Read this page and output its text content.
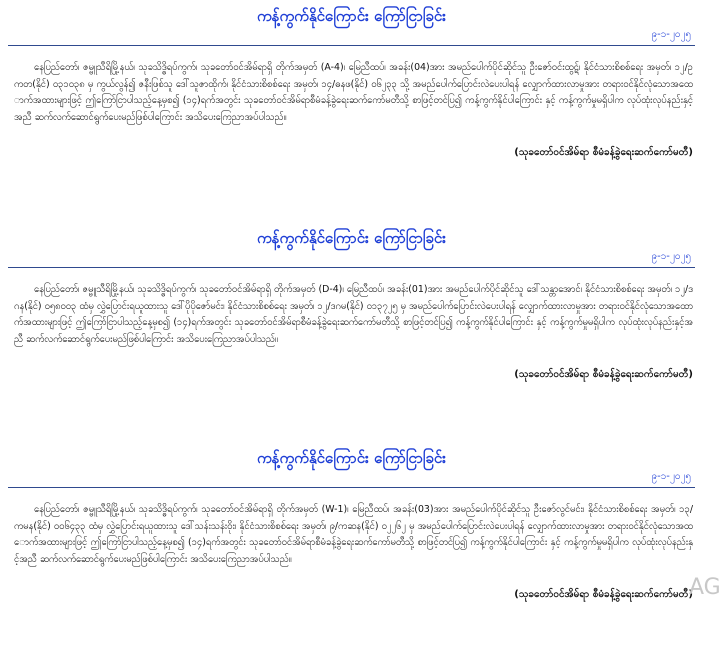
ကန့်ကွက်နိုင်ကြောင်း ကြော်ငြာခြင်း
၉-၁-၂၀၂၅

နေပြည်တော်၊ ဇမ္ဗူသီရိမြို့နယ်၊ သုခသိဒ္ဓိရပ်ကွက်၊ သုခတော်ဝင်အိမ်ရာရှိ တိုက်အမှတ် (A-4)၊ မြေညီထပ်၊ အခန်း(04)အား အမည်ပေါက်ပိုင်ဆိုင်သူ ဦးဇော်ဝင်းထွဋ်၊ နိုင်ငံသားစိစစ်ရေး အမှတ်၊ ၁၂/ဥကတ(နိုင်) ၀၃၁၀၃၈ မှ ကွယ်လွန်၍ ဇနီးဖြစ်သူ ဒေါ်သူဇာထိုက်၊ နိုင်ငံသားစိစစ်ရေး အမှတ်၊ ၁၄/ဓနဖ(နိုင်) ၀၆၂၃၃ သို့ အမည်ပေါက်ပြောင်းလဲပေးပါရန် လျှောက်ထားလာမှုအား တရားဝင်နိုင်လုံသောအထောက်အထားများဖြင့် ဤကြော်ငြာပါသည့်နေ့မှစ၍ (၁၄)ရက်အတွင်း သုခတော်ဝင်အိမ်ရာစီမံခန့်ခွဲရေးဆက်ကော်မတီသို့ စာဖြင့်တင်ပြ၍ ကန့်ကွက်နိုင်ပါကြောင်း နှင့် ကန့်ကွက်မှုမရှိပါက လုပ်ထုံးလုပ်နည်းနှင့်အညီ ဆက်လက်ဆောင်ရွက်ပေးမည်ဖြစ်ပါကြောင်း အသိပေးကြေညာအပ်ပါသည်။

(သုခတော်ဝင်အိမ်ရာ စီမံခန့်ခွဲရေးဆက်ကော်မတီ)
ကန့်ကွက်နိုင်ကြောင်း ကြော်ငြာခြင်း
၉-၁-၂၀၂၅

နေပြည်တော်၊ ဇမ္ဗူသီရိမြို့နယ်၊ သုခသိဒ္ဓိရပ်ကွက်၊ သုခတော်ဝင်အိမ်ရာရှိ တိုက်အမှတ် (D-4)၊ မြေညီထပ်၊ အခန်း(01)အား အမည်ပေါက်ပိုင်ဆိုင်သူ ဒေါ်သန္တာအောင်၊ နိုင်ငံသားစိစစ်ရေး အမှတ်၊ ၁၂/ဒဂန(နိုင်) ၀၅၈၀၀၃ ထံမှ လွှဲပြောင်းရယူထားသူ ဒေါ်ပိုပိုဇော်မင်း၊ နိုင်ငံသားစိစစ်ရေး အမှတ်၊ ၁၂/ဒဂမ(နိုင်) ၀၁၃၇၂၅ မှ အမည်ပေါက်ပြောင်းလဲပေးပါရန် လျှောက်ထားလာမှုအား တရားဝင်နိုင်လုံသောအထောက်အထားများဖြင့် ဤကြော်ငြာပါသည့်နေ့မှစ၍ (၁၄)ရက်အတွင်း သုခတော်ဝင်အိမ်ရာစီမံခန့်ခွဲရေးဆက်ကော်မတီသို့ စာဖြင့်တင်ပြ၍ ကန့်ကွက်နိုင်ပါကြောင်း နှင့် ကန့်ကွက်မှုမရှိပါက လုပ်ထုံးလုပ်နည်းနှင့်အညီ ဆက်လက်ဆောင်ရွက်ပေးမည်ဖြစ်ပါကြောင်း အသိပေးကြေညာအပ်ပါသည်။

(သုခတော်ဝင်အိမ်ရာ စီမံခန့်ခွဲရေးဆက်ကော်မတီ)
ကန့်ကွက်နိုင်ကြောင်း ကြော်ငြာခြင်း
၉-၁-၂၀၂၅

နေပြည်တော်၊ ဇမ္ဗူသီရိမြို့နယ်၊ သုခသိဒ္ဓိရပ်ကွက်၊ သုခတော်ဝင်အိမ်ရာရှိ တိုက်အမှတ် (W-1)၊ မြေညီထပ်၊ အခန်း(03)အား အမည်ပေါက်ပိုင်ဆိုင်သူ ဦးဇော်လွင်မင်း၊ နိုင်ငံသားစိစစ်ရေး အမှတ်၊ ၁၃/ကမန(နိုင်) ၀၀၆၄၃၃ ထံမှ လွှဲပြောင်းရယူထားသူ ဒေါ်သန်းသန်းဝိုး၊ နိုင်ငံသားစိစစ်ရေး အမှတ်၊ ၉/ကဆန(နိုင်) ၀၂၂၆၂ မှ အမည်ပေါက်ပြောင်းလဲပေးပါရန် လျှောက်ထားလာမှုအား တရားဝင်နိုင်လုံသောအထောက်အထားများဖြင့် ဤကြော်ငြာပါသည့်နေ့မှစ၍ (၁၄)ရက်အတွင်း သုခတော်ဝင်အိမ်ရာစီမံခန့်ခွဲရေးဆက်ကော်မတီသို့ စာဖြင့်တင်ပြ၍ ကန့်ကွက်နိုင်ပါကြောင်း နှင့် ကန့်ကွက်မှုမရှိပါက လုပ်ထုံးလုပ်နည်းနှင့်အညီ ဆက်လက်ဆောင်ရွက်ပေးမည်ဖြစ်ပါကြောင်း အသိပေးကြေညာအပ်ပါသည်။

(သုခတော်ဝင်အိမ်ရာ စီမံခန့်ခွဲရေးဆက်ကော်မတီ)
AG
